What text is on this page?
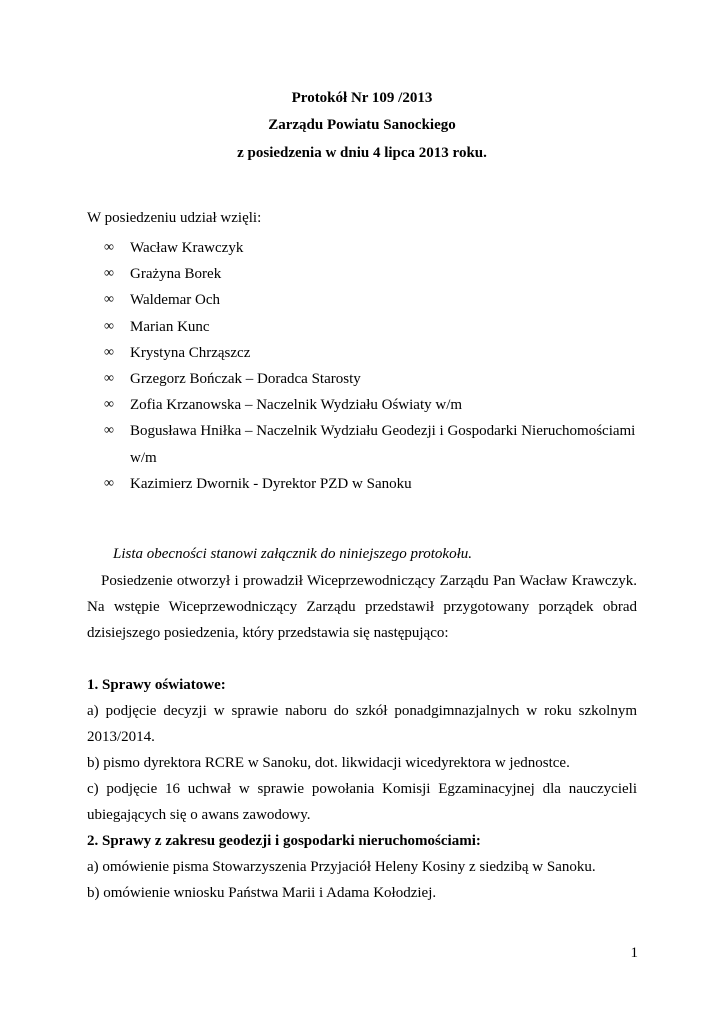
Protokół Nr 109 /2013
Zarządu Powiatu Sanockiego
z posiedzenia w dniu 4 lipca 2013 roku.
W posiedzeniu udział wzięli:
∞ Wacław Krawczyk
∞ Grażyna Borek
∞ Waldemar Och
∞ Marian Kunc
∞ Krystyna Chrząszcz
∞ Grzegorz Bończak – Doradca Starosty
∞ Zofia Krzanowska – Naczelnik Wydziału Oświaty w/m
∞ Bogusława Hniłka – Naczelnik Wydziału Geodezji i Gospodarki Nieruchomościami w/m
∞ Kazimierz Dwornik - Dyrektor PZD w Sanoku
Lista obecności stanowi załącznik do niniejszego protokołu.

Posiedzenie otworzył i prowadził Wiceprzewodniczący Zarządu Pan Wacław Krawczyk. Na wstępie Wiceprzewodniczący Zarządu przedstawił przygotowany porządek obrad dzisiejszego posiedzenia, który przedstawia się następująco:

1. Sprawy oświatowe:

a) podjęcie decyzji w sprawie naboru do szkół ponadgimnazjalnych w roku szkolnym 2013/2014.

b) pismo dyrektora RCRE w Sanoku, dot. likwidacji wicedyrektora w jednostce.

c) podjęcie 16 uchwał w sprawie powołania Komisji Egzaminacyjnej dla nauczycieli ubiegających się o awans zawodowy.

2. Sprawy z zakresu geodezji i gospodarki nieruchomościami:

a) omówienie pisma Stowarzyszenia Przyjaciół Heleny Kosiny z siedzibą w Sanoku.

b) omówienie wniosku Państwa Marii i Adama Kołodziej.

1
